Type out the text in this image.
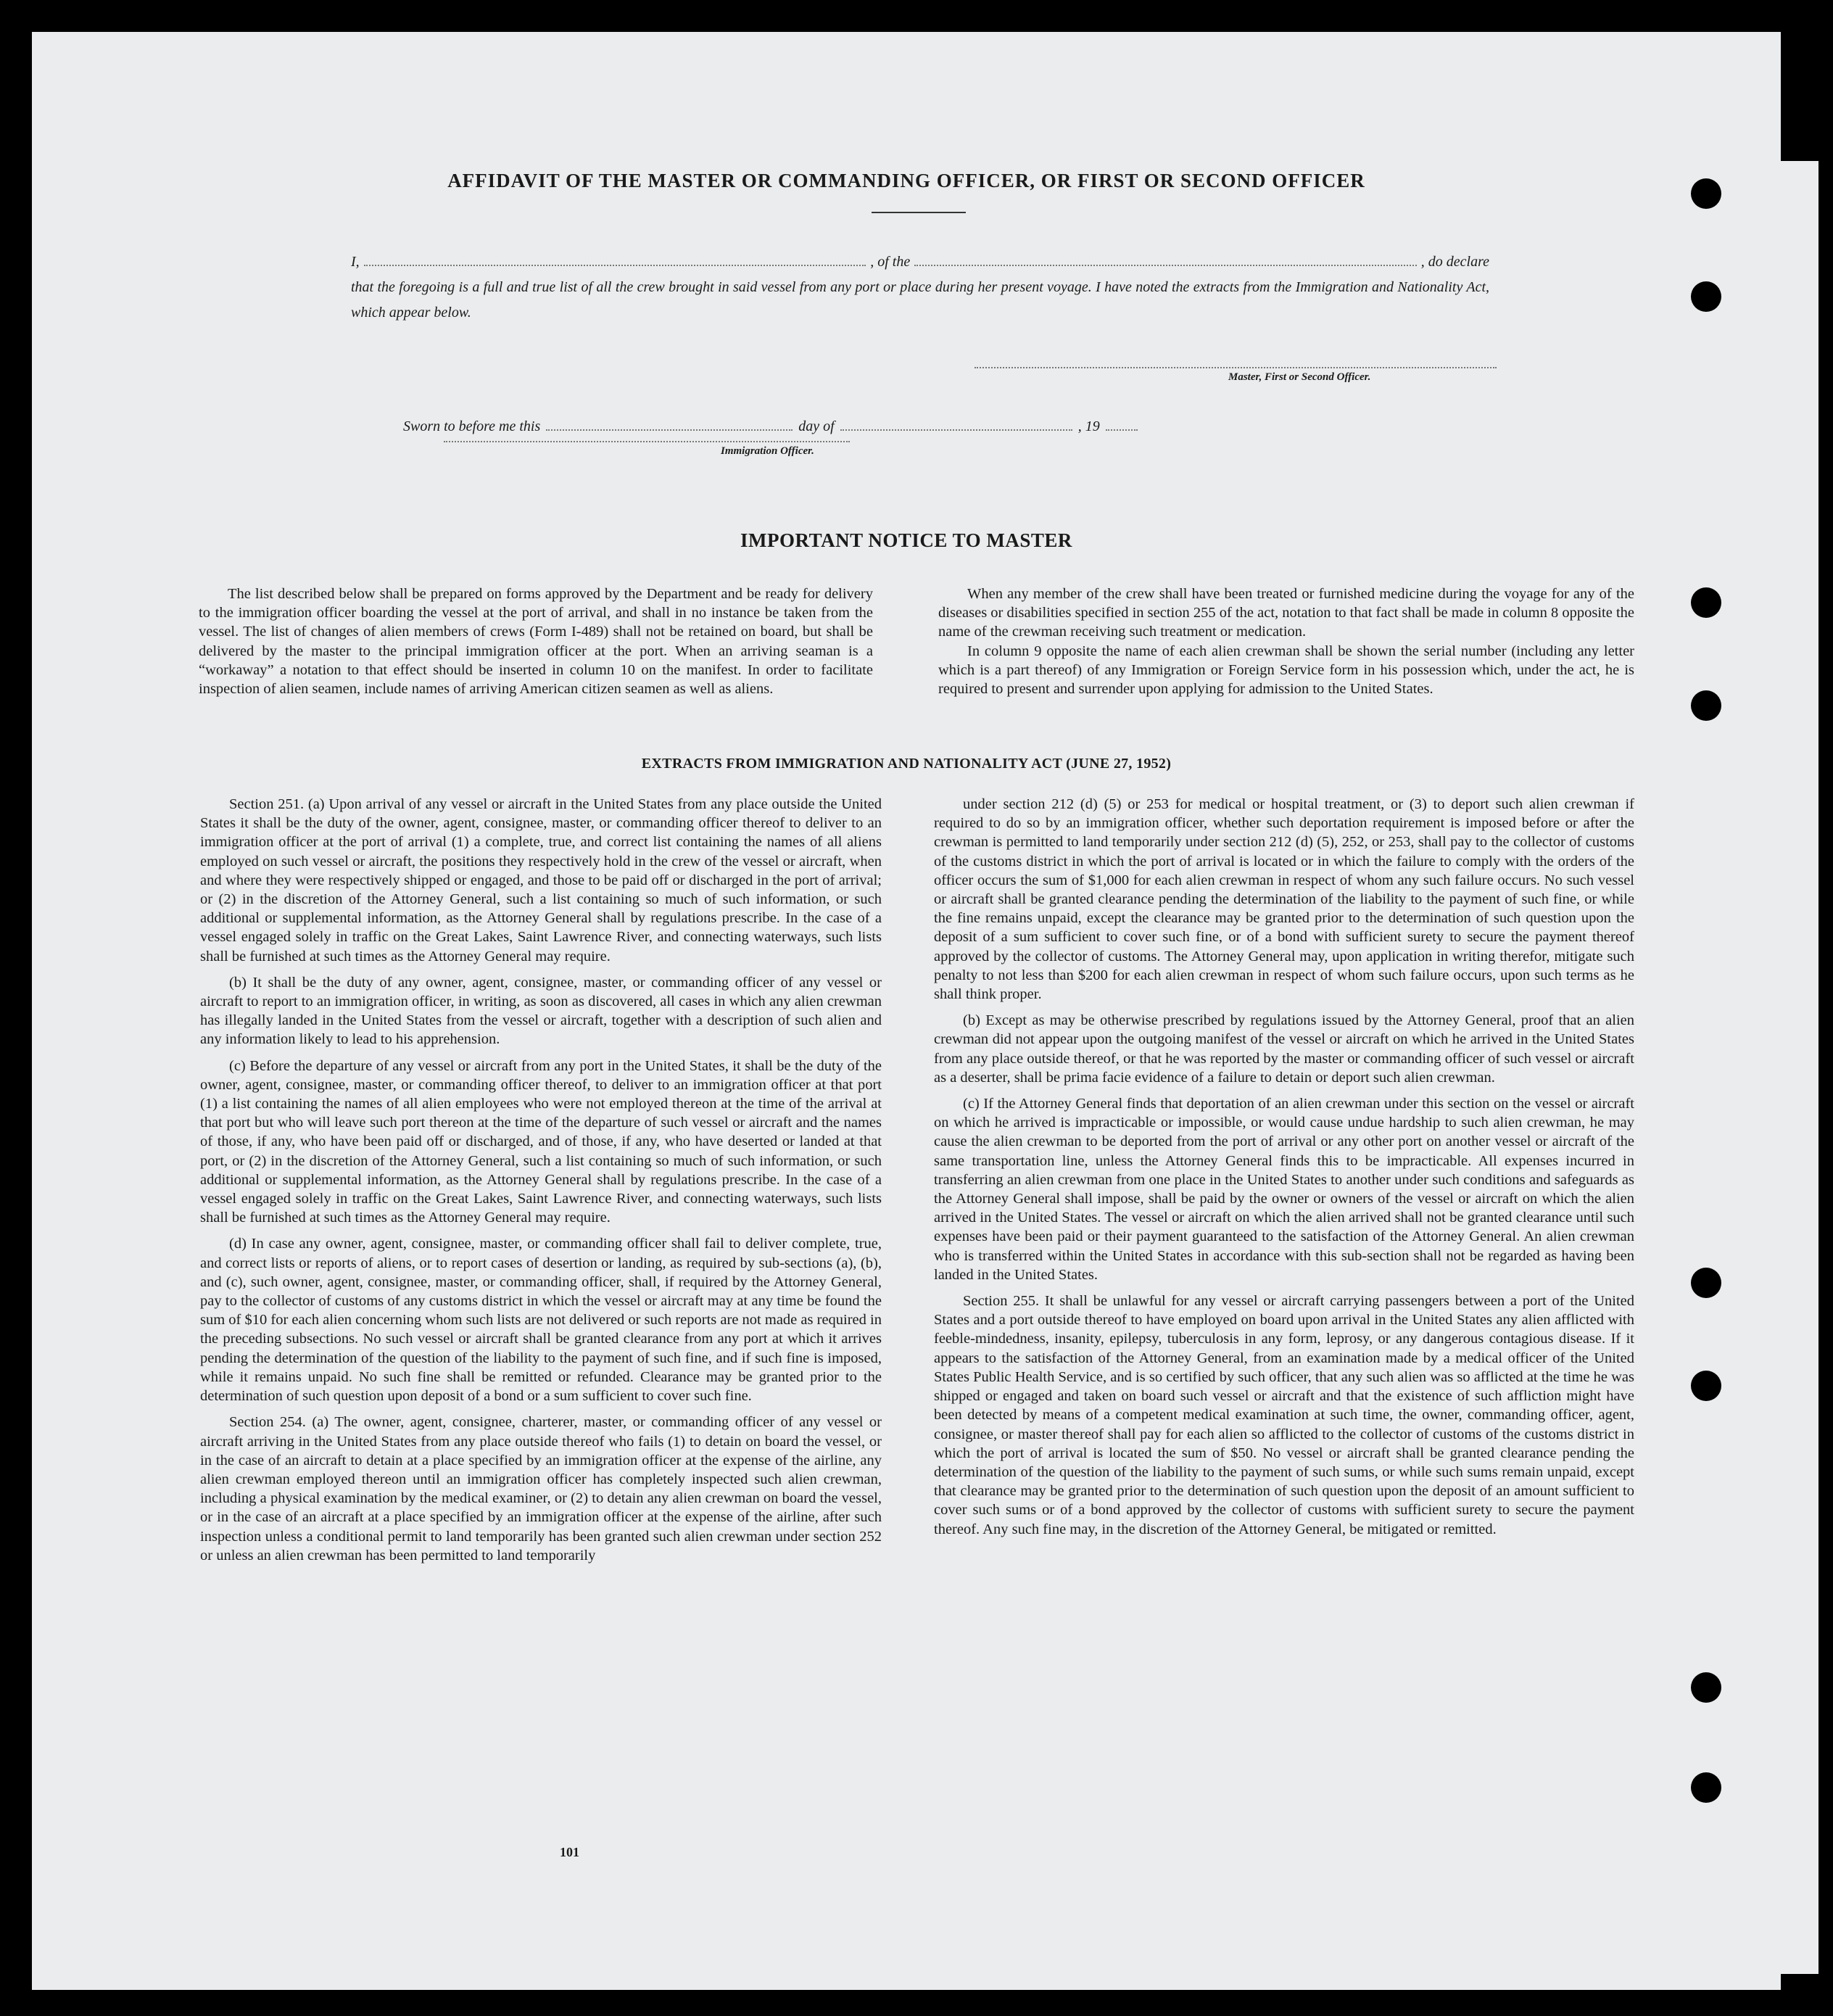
AFFIDAVIT OF THE MASTER OR COMMANDING OFFICER, OR FIRST OR SECOND OFFICER
I,	, of the	, do declare
that the foregoing is a full and true list of all the crew brought in said vessel from any port or place during her present voyage. I have noted the extracts from the Immigration and Nationality Act, which appear below.
Master, First or Second Officer.
Sworn to before me this	day of	, 19
Immigration Officer.
IMPORTANT NOTICE TO MASTER

The list described below shall be prepared on forms approved by the Department and be ready for delivery to the immigration officer boarding the vessel at the port of arrival, and shall in no instance be taken from the vessel. The list of changes of alien members of crews (Form I-489) shall not be retained on board, but shall be delivered by the master to the principal immigration officer at the port. When an arriving seaman is a “workaway” a notation to that effect should be inserted in column 10 on the manifest. In order to facilitate inspection of alien seamen, include names of arriving American citizen seamen as well as aliens.

When any member of the crew shall have been treated or furnished medicine during the voyage for any of the diseases or disabilities specified in section 255 of the act, notation to that fact shall be made in column 8 opposite the name of the crewman receiving such treatment or medication.

In column 9 opposite the name of each alien crewman shall be shown the serial number (including any letter which is a part thereof) of any Immigration or Foreign Service form in his possession which, under the act, he is required to present and surrender upon applying for admission to the United States.

EXTRACTS FROM IMMIGRATION AND NATIONALITY ACT (JUNE 27, 1952)

Section 251. (a) Upon arrival of any vessel or aircraft in the United States from any place outside the United States it shall be the duty of the owner, agent, consignee, master, or commanding officer thereof to deliver to an immigration officer at the port of arrival (1) a complete, true, and correct list containing the names of all aliens employed on such vessel or aircraft, the positions they respectively hold in the crew of the vessel or aircraft, when and where they were respectively shipped or engaged, and those to be paid off or discharged in the port of arrival; or (2) in the discretion of the Attorney General, such a list containing so much of such information, or such additional or supplemental information, as the Attorney General shall by regulations prescribe. In the case of a vessel engaged solely in traffic on the Great Lakes, Saint Lawrence River, and connecting waterways, such lists shall be furnished at such times as the Attorney General may require.

(b) It shall be the duty of any owner, agent, consignee, master, or commanding officer of any vessel or aircraft to report to an immigration officer, in writing, as soon as discovered, all cases in which any alien crewman has illegally landed in the United States from the vessel or aircraft, together with a description of such alien and any information likely to lead to his apprehension.

(c) Before the departure of any vessel or aircraft from any port in the United States, it shall be the duty of the owner, agent, consignee, master, or commanding officer thereof, to deliver to an immigration officer at that port (1) a list containing the names of all alien employees who were not employed thereon at the time of the arrival at that port but who will leave such port thereon at the time of the departure of such vessel or aircraft and the names of those, if any, who have been paid off or discharged, and of those, if any, who have deserted or landed at that port, or (2) in the discretion of the Attorney General, such a list containing so much of such information, or such additional or supplemental information, as the Attorney General shall by regulations prescribe. In the case of a vessel engaged solely in traffic on the Great Lakes, Saint Lawrence River, and connecting waterways, such lists shall be furnished at such times as the Attorney General may require.

(d) In case any owner, agent, consignee, master, or commanding officer shall fail to deliver complete, true, and correct lists or reports of aliens, or to report cases of desertion or landing, as required by sub-sections (a), (b), and (c), such owner, agent, consignee, master, or commanding officer, shall, if required by the Attorney General, pay to the collector of customs of any customs district in which the vessel or aircraft may at any time be found the sum of $10 for each alien concerning whom such lists are not delivered or such reports are not made as required in the preceding subsections. No such vessel or aircraft shall be granted clearance from any port at which it arrives pending the determination of the question of the liability to the payment of such fine, and if such fine is imposed, while it remains unpaid. No such fine shall be remitted or refunded. Clearance may be granted prior to the determination of such question upon deposit of a bond or a sum sufficient to cover such fine.

Section 254. (a) The owner, agent, consignee, charterer, master, or commanding officer of any vessel or aircraft arriving in the United States from any place outside thereof who fails (1) to detain on board the vessel, or in the case of an aircraft to detain at a place specified by an immigration officer at the expense of the airline, any alien crewman employed thereon until an immigration officer has completely inspected such alien crewman, including a physical examination by the medical examiner, or (2) to detain any alien crewman on board the vessel, or in the case of an aircraft at a place specified by an immigration officer at the expense of the airline, after such inspection unless a conditional permit to land temporarily has been granted such alien crewman under section 252 or unless an alien crewman has been permitted to land temporarily

under section 212 (d) (5) or 253 for medical or hospital treatment, or (3) to deport such alien crewman if required to do so by an immigration officer, whether such deportation requirement is imposed before or after the crewman is permitted to land temporarily under section 212 (d) (5), 252, or 253, shall pay to the collector of customs of the customs district in which the port of arrival is located or in which the failure to comply with the orders of the officer occurs the sum of $1,000 for each alien crewman in respect of whom any such failure occurs. No such vessel or aircraft shall be granted clearance pending the determination of the liability to the payment of such fine, or while the fine remains unpaid, except the clearance may be granted prior to the determination of such question upon the deposit of a sum sufficient to cover such fine, or of a bond with sufficient surety to secure the payment thereof approved by the collector of customs. The Attorney General may, upon application in writing therefor, mitigate such penalty to not less than $200 for each alien crewman in respect of whom such failure occurs, upon such terms as he shall think proper.

(b) Except as may be otherwise prescribed by regulations issued by the Attorney General, proof that an alien crewman did not appear upon the outgoing manifest of the vessel or aircraft on which he arrived in the United States from any place outside thereof, or that he was reported by the master or commanding officer of such vessel or aircraft as a deserter, shall be prima facie evidence of a failure to detain or deport such alien crewman.

(c) If the Attorney General finds that deportation of an alien crewman under this section on the vessel or aircraft on which he arrived is impracticable or impossible, or would cause undue hardship to such alien crewman, he may cause the alien crewman to be deported from the port of arrival or any other port on another vessel or aircraft of the same transportation line, unless the Attorney General finds this to be impracticable. All expenses incurred in transferring an alien crewman from one place in the United States to another under such conditions and safeguards as the Attorney General shall impose, shall be paid by the owner or owners of the vessel or aircraft on which the alien arrived in the United States. The vessel or aircraft on which the alien arrived shall not be granted clearance until such expenses have been paid or their payment guaranteed to the satisfaction of the Attorney General. An alien crewman who is transferred within the United States in accordance with this sub-section shall not be regarded as having been landed in the United States.

Section 255. It shall be unlawful for any vessel or aircraft carrying passengers between a port of the United States and a port outside thereof to have employed on board upon arrival in the United States any alien afflicted with feeble-mindedness, insanity, epilepsy, tuberculosis in any form, leprosy, or any dangerous contagious disease. If it appears to the satisfaction of the Attorney General, from an examination made by a medical officer of the United States Public Health Service, and is so certified by such officer, that any such alien was so afflicted at the time he was shipped or engaged and taken on board such vessel or aircraft and that the existence of such affliction might have been detected by means of a competent medical examination at such time, the owner, commanding officer, agent, consignee, or master thereof shall pay for each alien so afflicted to the collector of customs of the customs district in which the port of arrival is located the sum of $50. No vessel or aircraft shall be granted clearance pending the determination of the question of the liability to the payment of such sums, or while such sums remain unpaid, except that clearance may be granted prior to the determination of such question upon the deposit of an amount sufficient to cover such sums or of a bond approved by the collector of customs with sufficient surety to secure the payment thereof. Any such fine may, in the discretion of the Attorney General, be mitigated or remitted.

101
